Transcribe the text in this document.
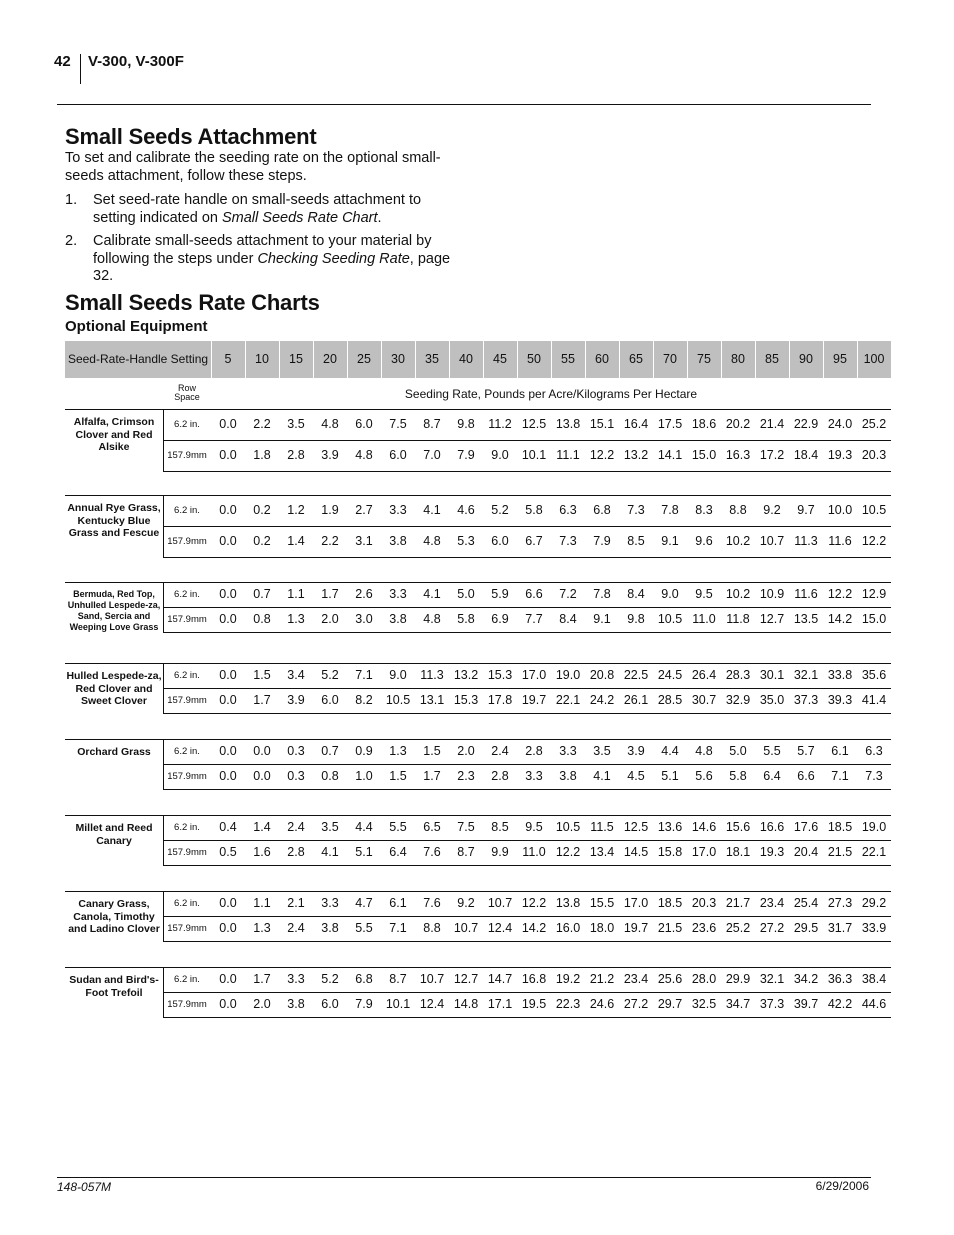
42 V-300, V-300F
Small Seeds Attachment
To set and calibrate the seeding rate on the optional small-seeds attachment, follow these steps.
1. Set seed-rate handle on small-seeds attachment to setting indicated on Small Seeds Rate Chart.
2. Calibrate small-seeds attachment to your material by following the steps under Checking Seeding Rate, page 32.
Small Seeds Rate Charts
Optional Equipment
Seed-Rate-Handle Setting	5	10	15	20	25	30	35	40	45	50	55	60	65	70	75	80	85	90	95	100
Row Space	Seeding Rate, Pounds per Acre/Kilograms Per Hectare
Alfalfa, Crimson Clover and Red Alsike
6.2 in.	0.0	2.2	3.5	4.8	6.0	7.5	8.7	9.8	11.2 12.5 13.8 15.1 16.4 17.5 18.6 20.2 21.4 22.9 24.0 25.2
157.9mm	0.0	1.8	2.8	3.9	4.8	6.0	7.0	7.9	9.0	10.1 11.1 12.2 13.2 14.1 15.0 16.3 17.2 18.4 19.3 20.3
Annual Rye Grass, Kentucky Blue Grass and Fescue
6.2 in.	0.0	0.2	1.2	1.9	2.7	3.3	4.1	4.6	5.2	5.8	6.3	6.8	7.3	7.8	8.3	8.8	9.2	9.7	10.0 10.5
157.9mm	0.0	0.2	1.4	2.2	3.1	3.8	4.8	5.3	6.0	6.7	7.3	7.9	8.5	9.1	9.6	10.2 10.7 11.3 11.6 12.2
Bermuda, Red Top, Unhulled Lespede-za, Sand, Sercia and Weeping Love Grass
6.2 in.	0.0	0.7	1.1	1.7	2.6	3.3	4.1	5.0	5.9	6.6	7.2	7.8	8.4	9.0	9.5	10.2 10.9 11.6 12.2 12.9
157.9mm	0.0	0.8	1.3	2.0	3.0	3.8	4.8	5.8	6.9	7.7	8.4	9.1	9.8	10.5 11.0 11.8 12.7 13.5 14.2 15.0
Hulled Lespede-za, Red Clover and Sweet Clover
6.2 in.	0.0	1.5	3.4	5.2	7.1	9.0	11.3 13.2 15.3 17.0 19.0 20.8 22.5 24.5 26.4 28.3 30.1 32.1 33.8 35.6
157.9mm	0.0	1.7	3.9	6.0	8.2	10.5 13.1 15.3 17.8 19.7 22.1 24.2 26.1 28.5 30.7 32.9 35.0 37.3 39.3 41.4
Orchard Grass	6.2 in.	0.0	0.0	0.3	0.7	0.9	1.3	1.5	2.0	2.4	2.8	3.3	3.5	3.9	4.4	4.8	5.0	5.5	5.7	6.1	6.3
157.9mm	0.0	0.0	0.3	0.8	1.0	1.5	1.7	2.3	2.8	3.3	3.8	4.1	4.5	5.1	5.6	5.8	6.4	6.6	7.1	7.3
Millet and Reed Canary
6.2 in.	0.4	1.4	2.4	3.5	4.4	5.5	6.5	7.5	8.5	9.5	10.5 11.5 12.5 13.6 14.6 15.6 16.6 17.6 18.5 19.0
157.9mm	0.5	1.6	2.8	4.1	5.1	6.4	7.6	8.7	9.9	11.0 12.2 13.4 14.5 15.8 17.0 18.1 19.3 20.4 21.5 22.1
Canary Grass, Canola, Timothy and Ladino Clover
6.2 in.	0.0	1.1	2.1	3.3	4.7	6.1	7.6	9.2	10.7 12.2 13.8 15.5 17.0 18.5 20.3 21.7 23.4 25.4 27.3 29.2
157.9mm	0.0	1.3	2.4	3.8	5.5	7.1	8.8	10.7 12.4 14.2 16.0 18.0 19.7 21.5 23.6 25.2 27.2 29.5 31.7 33.9
Sudan and Bird's-Foot Trefoil
6.2 in.	0.0	1.7	3.3	5.2	6.8	8.7	10.7 12.7 14.7 16.8 19.2 21.2 23.4 25.6 28.0 29.9 32.1 34.2 36.3 38.4
157.9mm	0.0	2.0	3.8	6.0	7.9	10.1 12.4 14.8 17.1 19.5 22.3 24.6 27.2 29.7 32.5 34.7 37.3 39.7 42.2 44.6
148-057M	6/29/2006
